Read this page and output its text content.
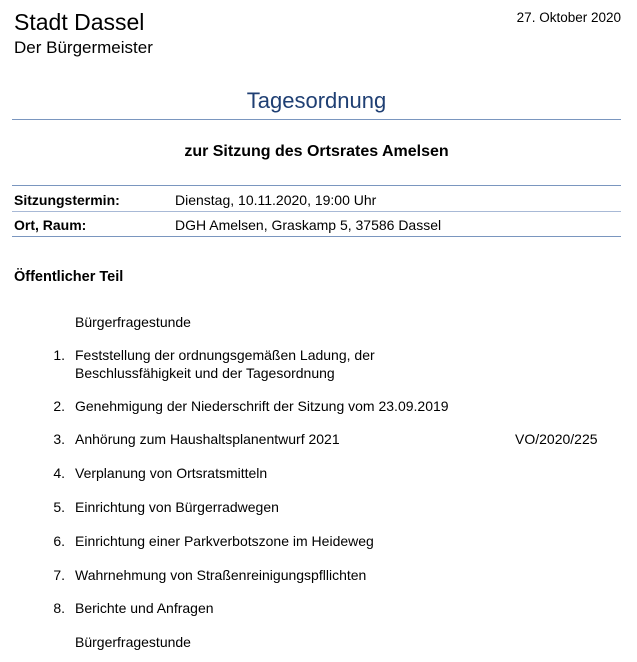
Stadt Dassel
Der Bürgermeister
27. Oktober 2020
Tagesordnung
zur Sitzung des Ortsrates Amelsen
Sitzungstermin:	Dienstag, 10.11.2020, 19:00 Uhr
Ort, Raum:	DGH Amelsen, Graskamp 5, 37586 Dassel
Öffentlicher Teil
Bürgerfragestunde
1. Feststellung der ordnungsgemäßen Ladung, der
Beschlussfähigkeit und der Tagesordnung
2. Genehmigung der Niederschrift der Sitzung vom 23.09.2019
3. Anhörung zum Haushaltsplanentwurf 2021	VO/2020/225
4. Verplanung von Ortsratsmitteln
5. Einrichtung von Bürgerradwegen
6. Einrichtung einer Parkverbotszone im Heideweg
7. Wahrnehmung von Straßenreinigungspfllichten
8. Berichte und Anfragen
Bürgerfragestunde
